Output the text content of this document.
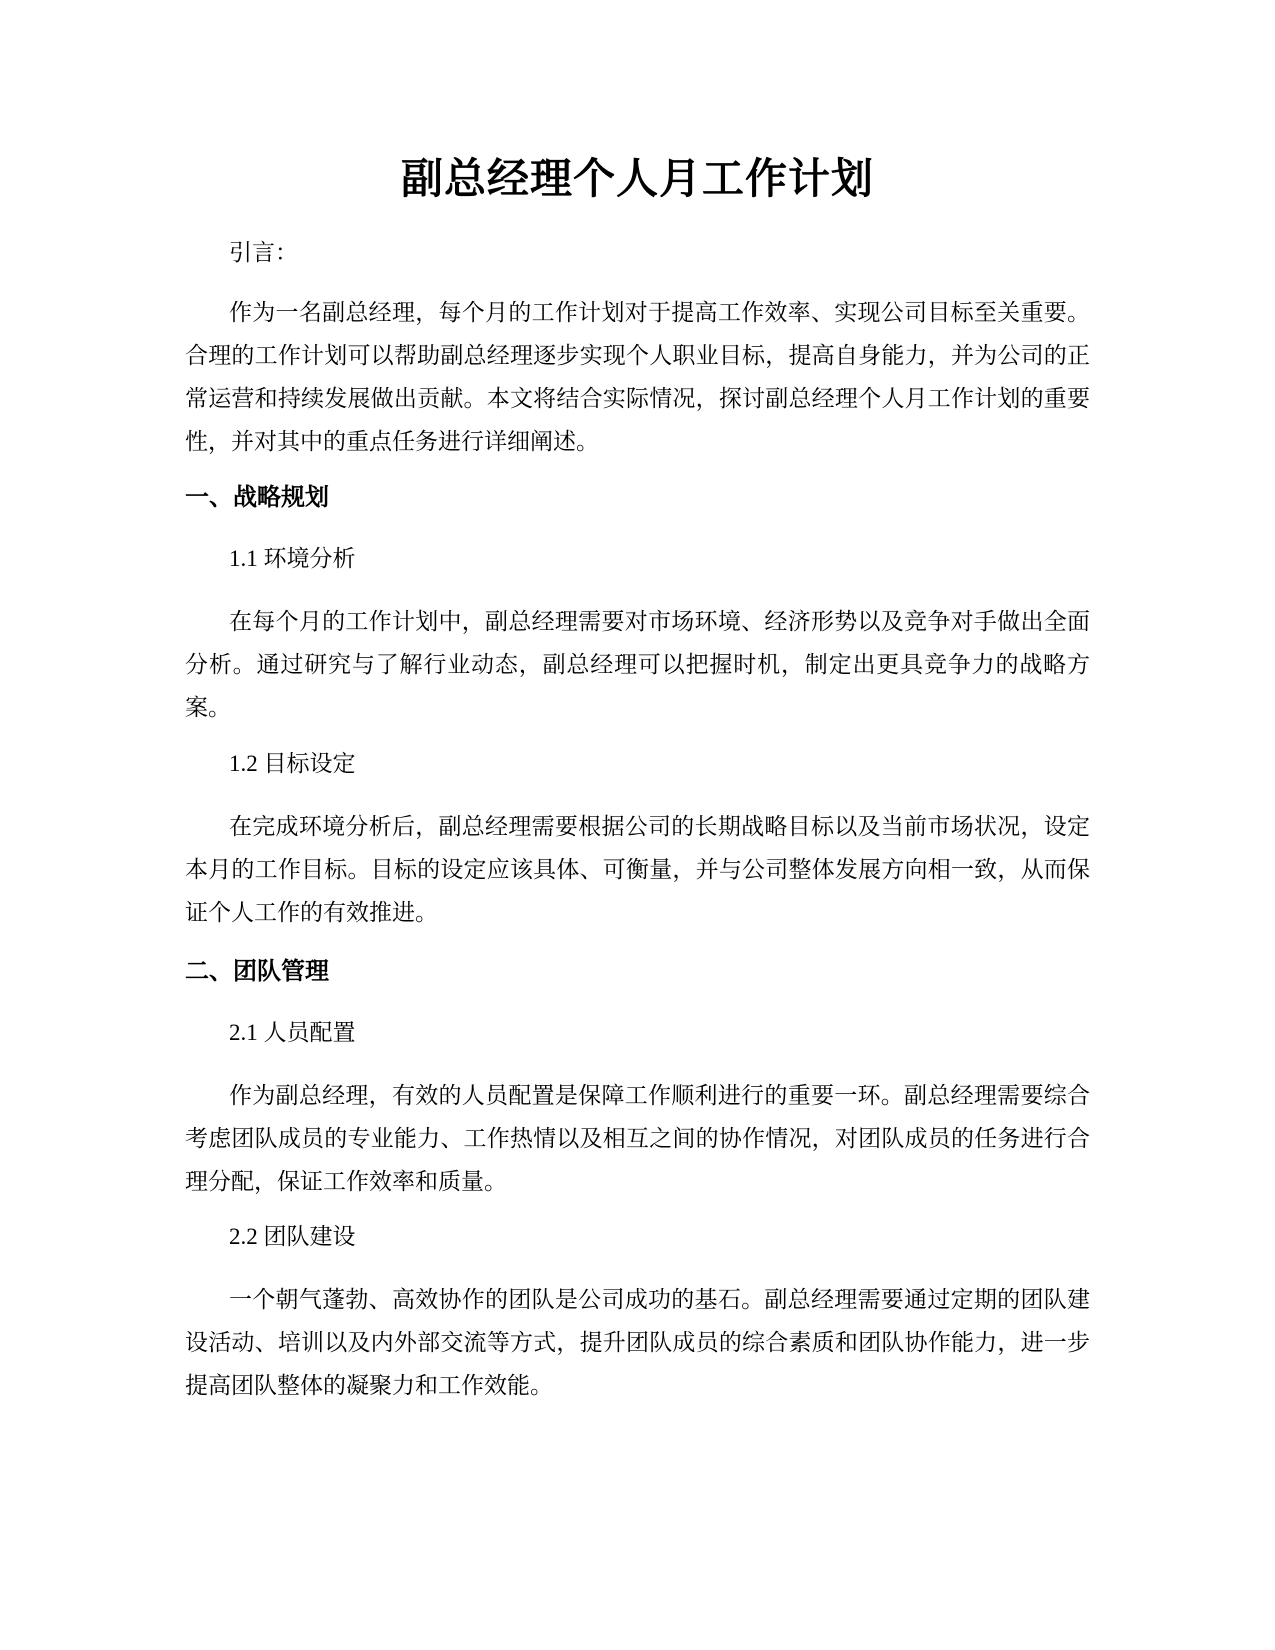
副总经理个人月工作计划

引言：

作为一名副总经理，每个月的工作计划对于提高工作效率、实现公司目标至关重要。合理的工作计划可以帮助副总经理逐步实现个人职业目标，提高自身能力，并为公司的正常运营和持续发展做出贡献。本文将结合实际情况，探讨副总经理个人月工作计划的重要性，并对其中的重点任务进行详细阐述。

一、战略规划

1.1 环境分析

在每个月的工作计划中，副总经理需要对市场环境、经济形势以及竞争对手做出全面分析。通过研究与了解行业动态，副总经理可以把握时机，制定出更具竞争力的战略方案。

1.2 目标设定

在完成环境分析后，副总经理需要根据公司的长期战略目标以及当前市场状况，设定本月的工作目标。目标的设定应该具体、可衡量，并与公司整体发展方向相一致，从而保证个人工作的有效推进。

二、团队管理

2.1 人员配置

作为副总经理，有效的人员配置是保障工作顺利进行的重要一环。副总经理需要综合考虑团队成员的专业能力、工作热情以及相互之间的协作情况，对团队成员的任务进行合理分配，保证工作效率和质量。

2.2 团队建设

一个朝气蓬勃、高效协作的团队是公司成功的基石。副总经理需要通过定期的团队建设活动、培训以及内外部交流等方式，提升团队成员的综合素质和团队协作能力，进一步提高团队整体的凝聚力和工作效能。
